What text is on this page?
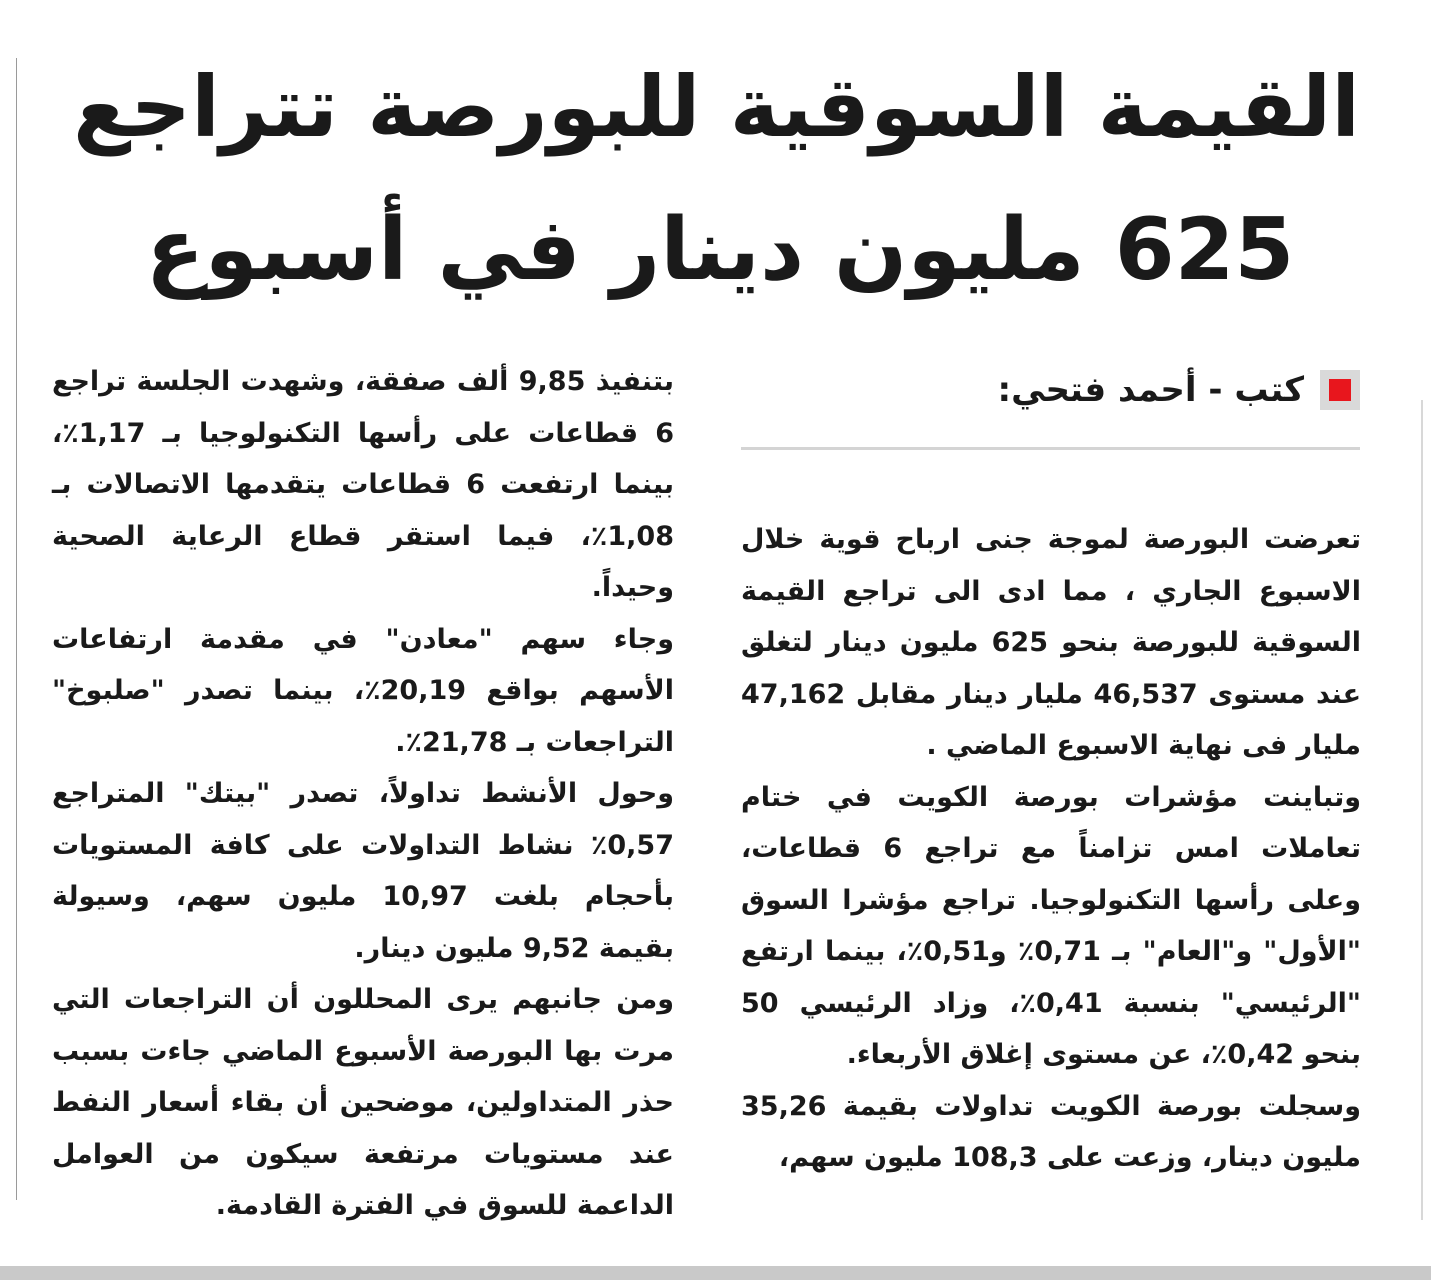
القيمة السوقية للبورصة تتراجع
625 مليون دينار في أسبوع
كتب - أحمد فتحي:

تعرضت البورصة لموجة جنى ارباح قوية خلال الاسبوع الجاري ، مما ادى الى تراجع القيمة السوقية للبورصة بنحو 625 مليون دينار لتغلق عند مستوى 46,537 مليار دينار مقابل 47,162 مليار فى نهاية الاسبوع الماضي .

وتباينت مؤشرات بورصة الكويت في ختام تعاملات امس تزامناً مع تراجع 6 قطاعات، وعلى رأسها التكنولوجيا. تراجع مؤشرا السوق "الأول" و"العام" بـ 0,71٪ و0,51٪، بينما ارتفع "الرئيسي" بنسبة 0,41٪، وزاد الرئيسي 50 بنحو 0,42٪، عن مستوى إغلاق الأربعاء.

وسجلت بورصة الكويت تداولات بقيمة 35,26 مليون دينار، وزعت على 108,3 مليون سهم،

بتنفيذ 9,85 ألف صفقة، وشهدت الجلسة تراجع 6 قطاعات على رأسها التكنولوجيا بـ 1,17٪، بينما ارتفعت 6 قطاعات يتقدمها الاتصالات بـ 1,08٪، فيما استقر قطاع الرعاية الصحية وحيداً.

وجاء سهم "معادن" في مقدمة ارتفاعات الأسهم بواقع 20,19٪، بينما تصدر "صلبوخ" التراجعات بـ 21,78٪.

وحول الأنشط تداولاً، تصدر "بيتك" المتراجع 0,57٪ نشاط التداولات على كافة المستويات بأحجام بلغت 10,97 مليون سهم، وسيولة بقيمة 9,52 مليون دينار.

ومن جانبهم يرى المحللون أن التراجعات التي مرت بها البورصة الأسبوع الماضي جاءت بسبب حذر المتداولين، موضحين أن بقاء أسعار النفط عند مستويات مرتفعة سيكون من العوامل الداعمة للسوق في الفترة القادمة.
